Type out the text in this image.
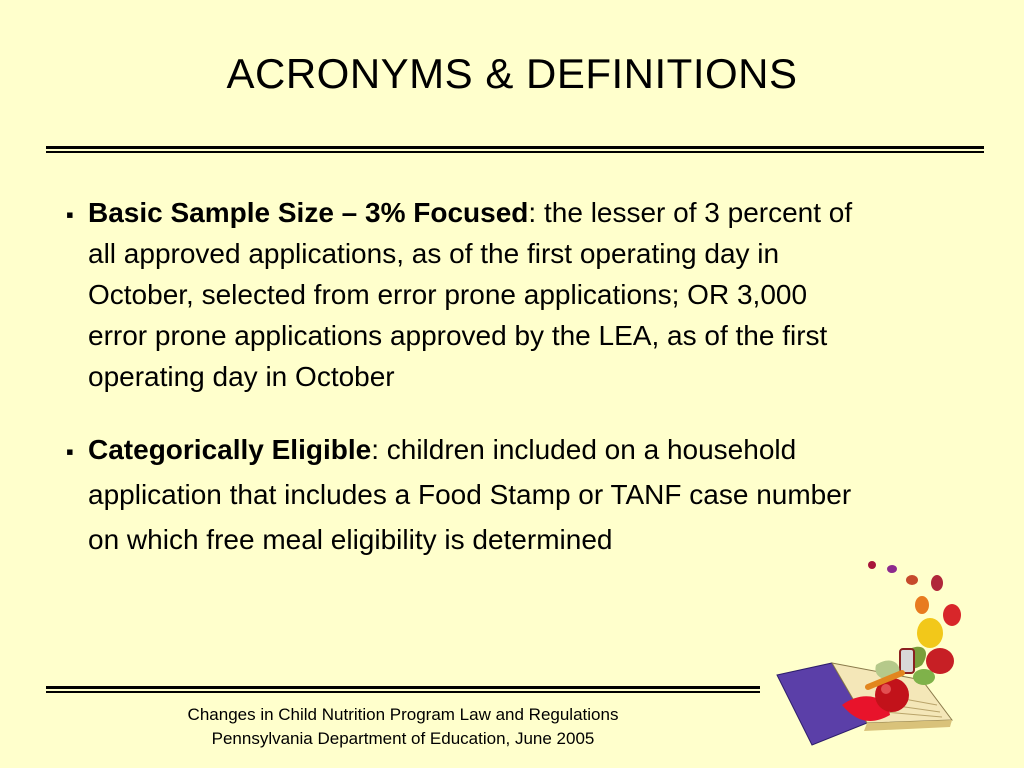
ACRONYMS & DEFINITIONS

▪ Basic Sample Size – 3% Focused: the lesser of 3 percent of all approved applications, as of the first operating day in October, selected from error prone applications; OR 3,000 error prone applications approved by the LEA, as of the first operating day in October

▪ Categorically Eligible: children included on a household application that includes a Food Stamp or TANF case number on which free meal eligibility is determined

Changes in Child Nutrition Program Law and Regulations
Pennsylvania Department of Education, June 2005
